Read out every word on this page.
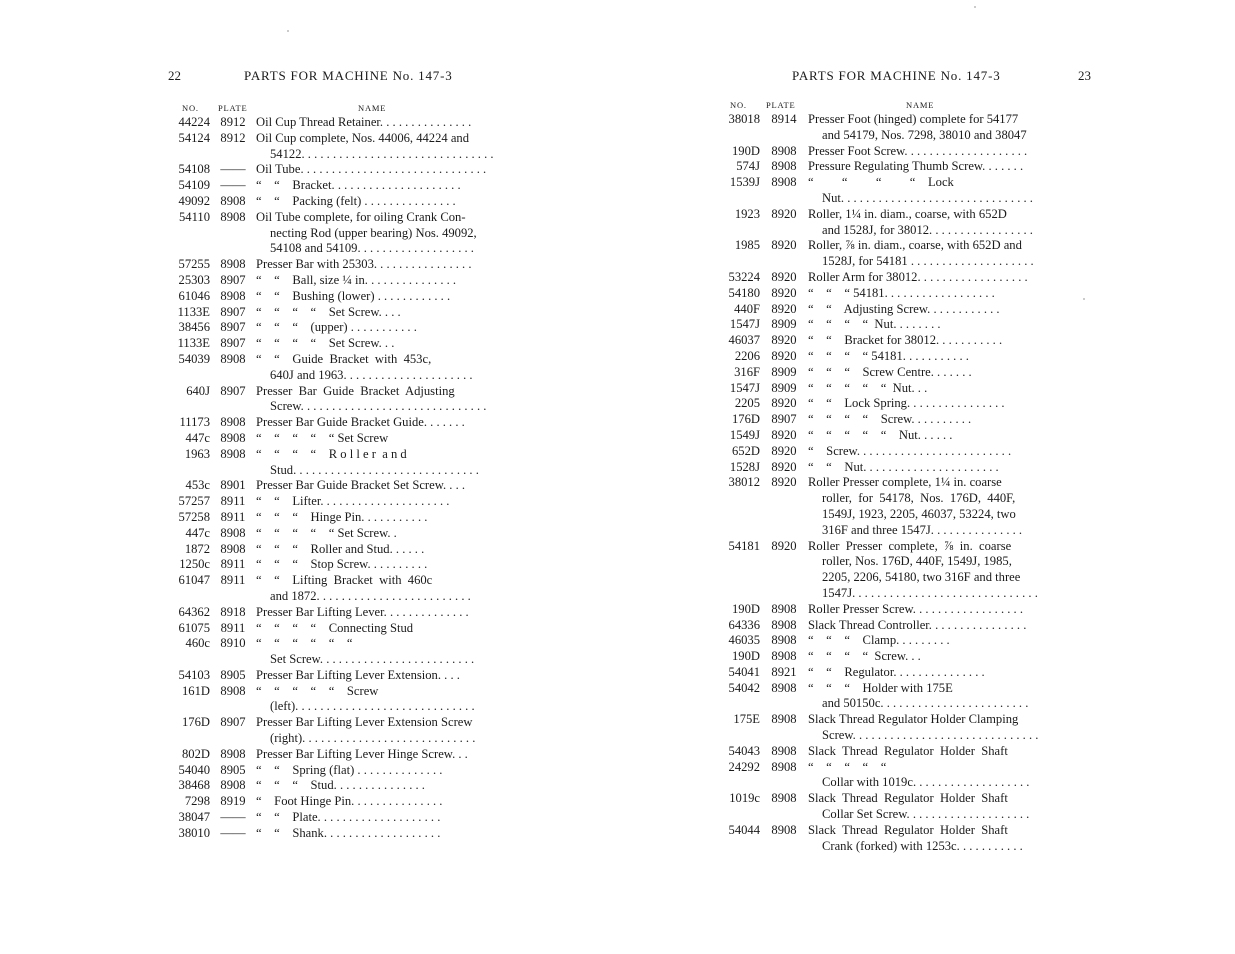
22	PARTS FOR MACHINE No. 147-3
NO. PLATE	NAME
44224 8912 Oil Cup Thread Retainer. . . . . . . . . . . . . . .
54124 8912 Oil Cup complete, Nos. 44006, 44224 and
54122. . . . . . . . . . . . . . . . . . . . . . . . . . . . . . .
54108 —— Oil Tube. . . . . . . . . . . . . . . . . . . . . . . . . . . . . .
54109 —— “    “    Bracket. . . . . . . . . . . . . . . . . . . . .
49092 8908 “    “    Packing (felt) . . . . . . . . . . . . . . .
54110 8908 Oil Tube complete, for oiling Crank Con-
necting Rod (upper bearing) Nos. 49092,
54108 and 54109. . . . . . . . . . . . . . . . . . .
57255 8908 Presser Bar with 25303. . . . . . . . . . . . . . . .
25303 8907 “    “    Ball, size ¼ in. . . . . . . . . . . . . . .
61046 8908 “    “    Bushing (lower) . . . . . . . . . . . .
1133E 8907 “    “    “    “    Set Screw. . . .
38456 8907 “    “    “    (upper) . . . . . . . . . . .
1133E 8907 “    “    “    “    Set Screw. . .
54039 8908 “    “    Guide  Bracket  with  453c,
640J and 1963. . . . . . . . . . . . . . . . . . . . .
640J 8907 Presser  Bar  Guide  Bracket  Adjusting
Screw. . . . . . . . . . . . . . . . . . . . . . . . . . . . . .
11173 8908 Presser Bar Guide Bracket Guide. . . . . . .
447c 8908 “    “    “    “    “ Set Screw
1963 8908 “    “    “    “    R o l l e r  a n d
Stud. . . . . . . . . . . . . . . . . . . . . . . . . . . . . .
453c 8901 Presser Bar Guide Bracket Set Screw. . . .
57257 8911 “    “    Lifter. . . . . . . . . . . . . . . . . . . . .
57258 8911 “    “    “    Hinge Pin. . . . . . . . . . .
447c 8908 “    “    “    “    “ Set Screw. .
1872 8908 “    “    “    Roller and Stud. . . . . .
1250c 8911 “    “    “    Stop Screw. . . . . . . . . .
61047 8911 “    “    Lifting  Bracket  with  460c
and 1872. . . . . . . . . . . . . . . . . . . . . . . . .
64362 8918 Presser Bar Lifting Lever. . . . . . . . . . . . . .
61075 8911 “    “    “    “    Connecting Stud
460c 8910 “    “    “    “    “    “
Set Screw. . . . . . . . . . . . . . . . . . . . . . . . .
54103 8905 Presser Bar Lifting Lever Extension. . . .
161D 8908 “    “    “    “    “    Screw
(left). . . . . . . . . . . . . . . . . . . . . . . . . . . . .
176D 8907 Presser Bar Lifting Lever Extension Screw
(right). . . . . . . . . . . . . . . . . . . . . . . . . . . .
802D 8908 Presser Bar Lifting Lever Hinge Screw. . .
54040 8905 “    “    Spring (flat) . . . . . . . . . . . . . .
38468 8908 “    “    “    Stud. . . . . . . . . . . . . . .
7298 8919 “    Foot Hinge Pin. . . . . . . . . . . . . . .
38047 —— “    “    Plate. . . . . . . . . . . . . . . . . . . .
38010 —— “    “    Shank. . . . . . . . . . . . . . . . . . .
PARTS FOR MACHINE No. 147-3	23
NO. PLATE	NAME
38018 8914 Presser Foot (hinged) complete for 54177
and 54179, Nos. 7298, 38010 and 38047
190D 8908 Presser Foot Screw. . . . . . . . . . . . . . . . . . . .
574J 8908 Pressure Regulating Thumb Screw. . . . . . .
1539J 8908 “         “         “         “    Lock
Nut. . . . . . . . . . . . . . . . . . . . . . . . . . . . . . .
1923 8920 Roller, 1¼ in. diam., coarse, with 652D
and 1528J, for 38012. . . . . . . . . . . . . . . . .
1985 8920 Roller, ⅞ in. diam., coarse, with 652D and
1528J, for 54181 . . . . . . . . . . . . . . . . . . . .
53224 8920 Roller Arm for 38012. . . . . . . . . . . . . . . . . .
54180 8920 “    “    “ 54181. . . . . . . . . . . . . . . . . .
440F 8920 “    “    Adjusting Screw. . . . . . . . . . . .
1547J 8909 “    “    “    “  Nut. . . . . . . .
46037 8920 “    “    Bracket for 38012. . . . . . . . . . .
2206 8920 “    “    “    “ 54181. . . . . . . . . . .
316F 8909 “    “    “    Screw Centre. . . . . . .
1547J 8909 “    “    “    “    “  Nut. . .
2205 8920 “    “    Lock Spring. . . . . . . . . . . . . . . .
176D 8907 “    “    “    “    Screw. . . . . . . . . .
1549J 8920 “    “    “    “    “    Nut. . . . . .
652D 8920 “    Screw. . . . . . . . . . . . . . . . . . . . . . . . .
1528J 8920 “    “    Nut. . . . . . . . . . . . . . . . . . . . . .
38012 8920 Roller Presser complete, 1¼ in. coarse
roller,  for  54178,  Nos.  176D,  440F,
1549J, 1923, 2205, 46037, 53224, two
316F and three 1547J. . . . . . . . . . . . . . .
54181 8920 Roller  Presser  complete,  ⅞  in.  coarse
roller, Nos. 176D, 440F, 1549J, 1985,
2205, 2206, 54180, two 316F and three
1547J. . . . . . . . . . . . . . . . . . . . . . . . . . . . . .
190D 8908 Roller Presser Screw. . . . . . . . . . . . . . . . . .
64336 8908 Slack Thread Controller. . . . . . . . . . . . . . . .
46035 8908 “    “    “    Clamp. . . . . . . . .
190D 8908 “    “    “    “  Screw. . .
54041 8921 “    “    Regulator. . . . . . . . . . . . . . .
54042 8908 “    “    “    Holder with 175E
and 50150c. . . . . . . . . . . . . . . . . . . . . . . .
175E 8908 Slack Thread Regulator Holder Clamping
Screw. . . . . . . . . . . . . . . . . . . . . . . . . . . . . .
54043 8908 Slack  Thread  Regulator  Holder  Shaft
24292 8908 “    “    “    “    “
Collar with 1019c. . . . . . . . . . . . . . . . . . .
1019c 8908 Slack  Thread  Regulator  Holder  Shaft
Collar Set Screw. . . . . . . . . . . . . . . . . . . .
54044 8908 Slack  Thread  Regulator  Holder  Shaft
Crank (forked) with 1253c. . . . . . . . . . .
